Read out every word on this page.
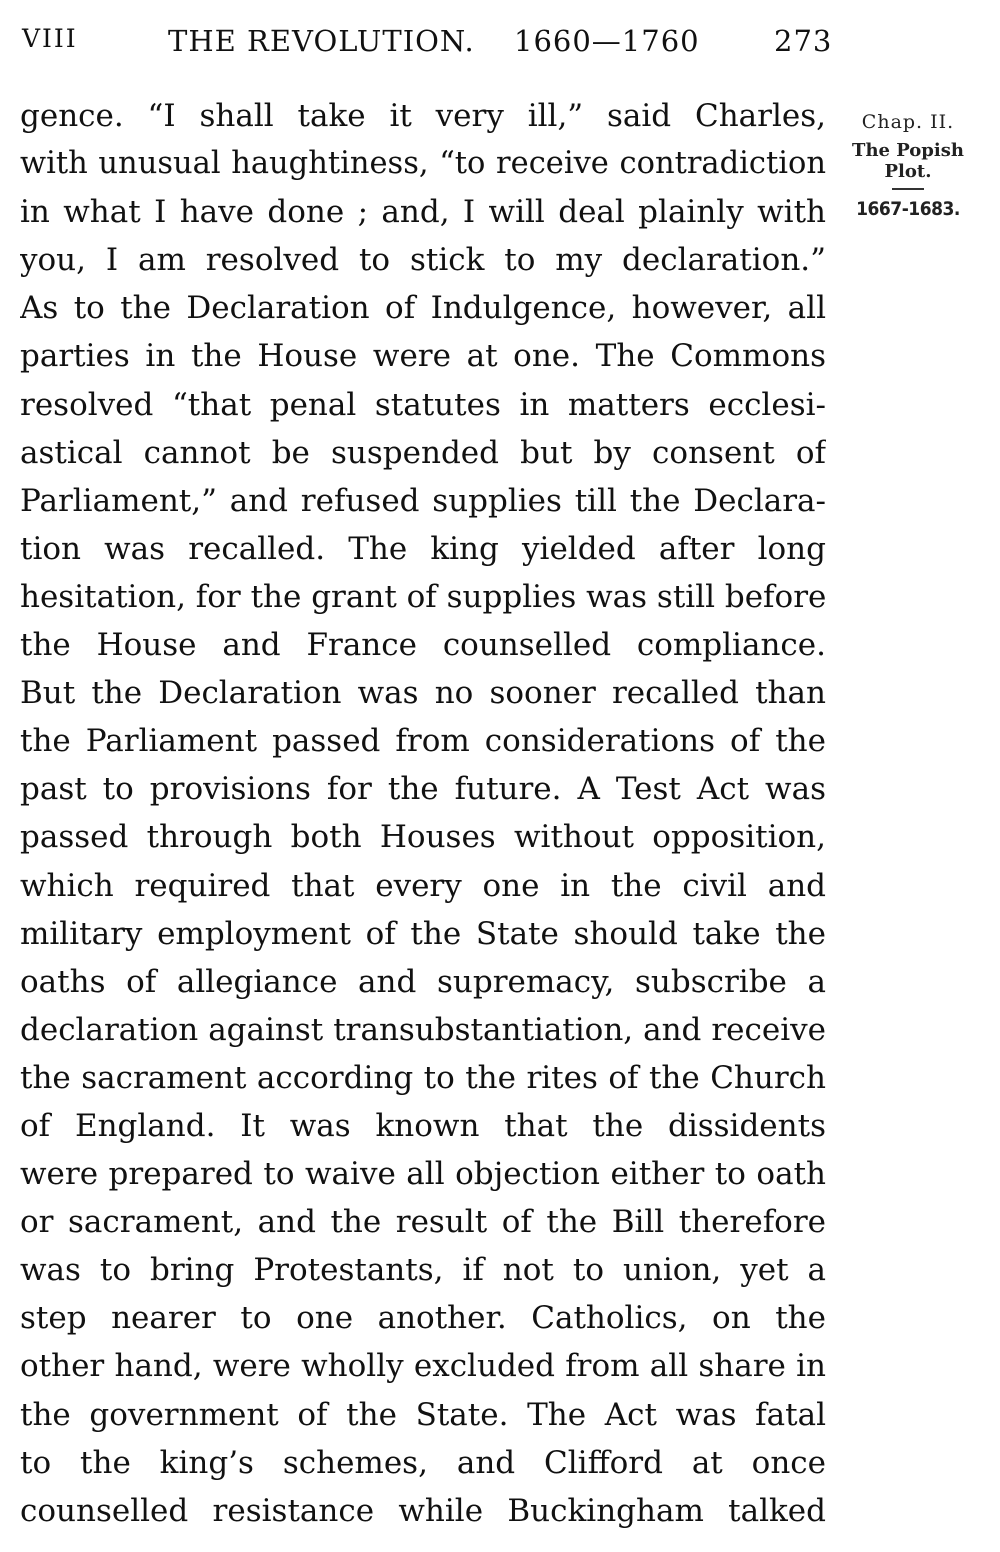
VIII	THE REVOLUTION. 1660—1760	273
gence. “I shall take it very ill,” said Charles,
with unusual haughtiness, “to receive contradiction
in what I have done ; and, I will deal plainly with
you, I am resolved to stick to my declaration.”
As to the Declaration of Indulgence, however, all
parties in the House were at one. The Commons
resolved “that penal statutes in matters ecclesi-
astical cannot be suspended but by consent of
Parliament,” and refused supplies till the Declara-
tion was recalled. The king yielded after long
hesitation, for the grant of supplies was still before
the House and France counselled compliance.
But the Declaration was no sooner recalled than
the Parliament passed from considerations of the
past to provisions for the future. A Test Act was
passed through both Houses without opposition,
which required that every one in the civil and
military employment of the State should take the
oaths of allegiance and supremacy, subscribe a
declaration against transubstantiation, and receive
the sacrament according to the rites of the Church
of England. It was known that the dissidents
were prepared to waive all objection either to oath
or sacrament, and the result of the Bill therefore
was to bring Protestants, if not to union, yet a
step nearer to one another. Catholics, on the
other hand, were wholly excluded from all share in
the government of the State. The Act was fatal
to the king’s schemes, and Clifford at once
counselled resistance while Buckingham talked
Chap. II.
The Popish
Plot.
1667-1683.
